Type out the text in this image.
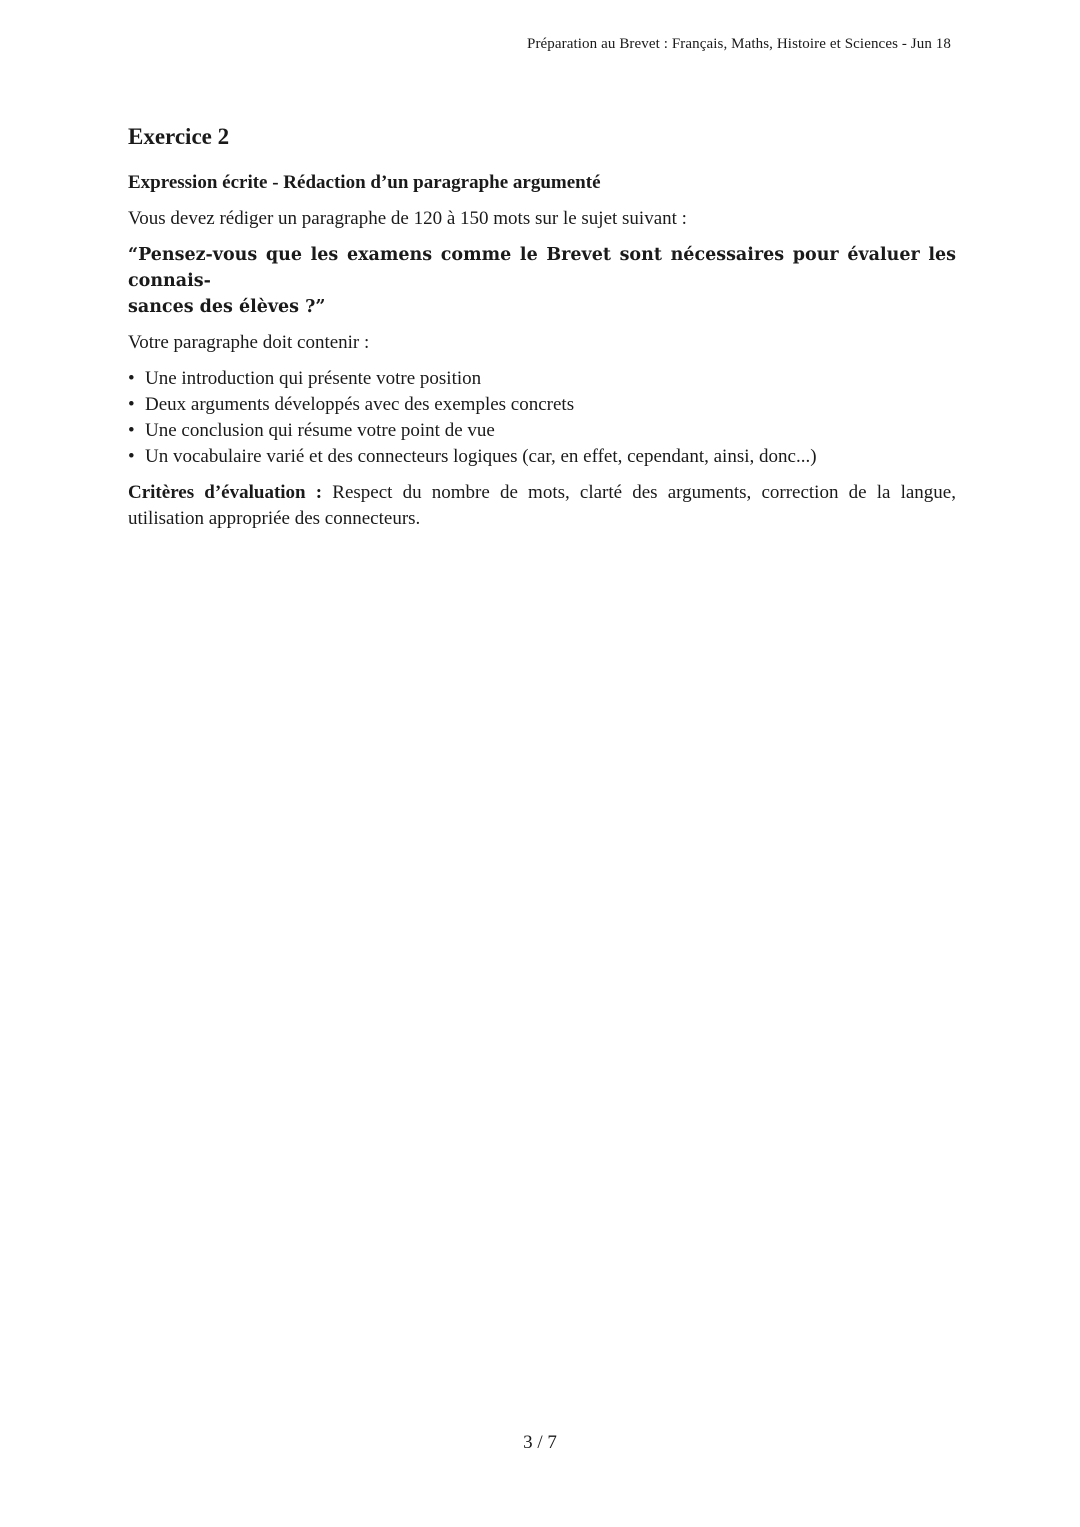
Préparation au Brevet : Français, Maths, Histoire et Sciences - Jun 18
Exercice 2

Expression écrite - Rédaction d’un paragraphe argumenté

Vous devez rédiger un paragraphe de 120 à 150 mots sur le sujet suivant :

“Pensez-vous que les examens comme le Brevet sont nécessaires pour évaluer les connais-
sances des élèves ?”

Votre paragraphe doit contenir :

• Une introduction qui présente votre position
• Deux arguments développés avec des exemples concrets
• Une conclusion qui résume votre point de vue
• Un vocabulaire varié et des connecteurs logiques (car, en effet, cependant, ainsi, donc...)

Critères d’évaluation : Respect du nombre de mots, clarté des arguments, correction de la langue, utilisation appropriée des connecteurs.

3 / 7
